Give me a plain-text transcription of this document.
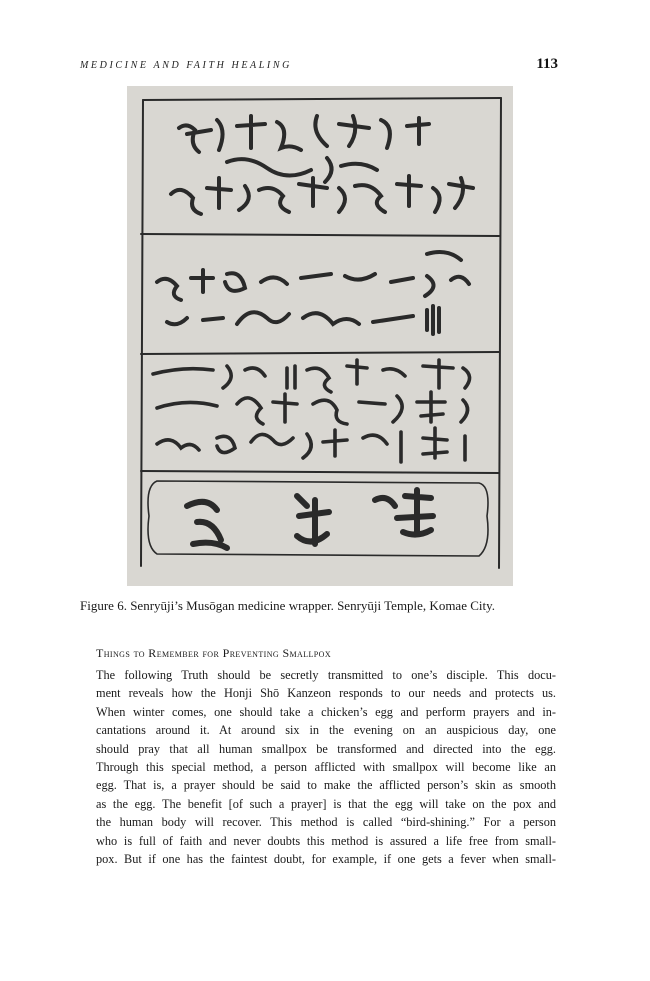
MEDICINE AND FAITH HEALING	113
Figure 6. Senryūji’s Musōgan medicine wrapper. Senryūji Temple, Komae City.
Things to Remember for Preventing Smallpox
The following Truth should be secretly transmitted to one’s disciple. This docu-
ment reveals how the Honji Shō Kanzeon responds to our needs and protects us.
When winter comes, one should take a chicken’s egg and perform prayers and in-
cantations around it. At around six in the evening on an auspicious day, one
should pray that all human smallpox be transformed and directed into the egg.
Through this special method, a person afflicted with smallpox will become like an
egg. That is, a prayer should be said to make the afflicted person’s skin as smooth
as the egg. The benefit [of such a prayer] is that the egg will take on the pox and
the human body will recover. This method is called “bird-shining.” For a person
who is full of faith and never doubts this method is assured a life free from small-
pox. But if one has the faintest doubt, for example, if one gets a fever when small-
